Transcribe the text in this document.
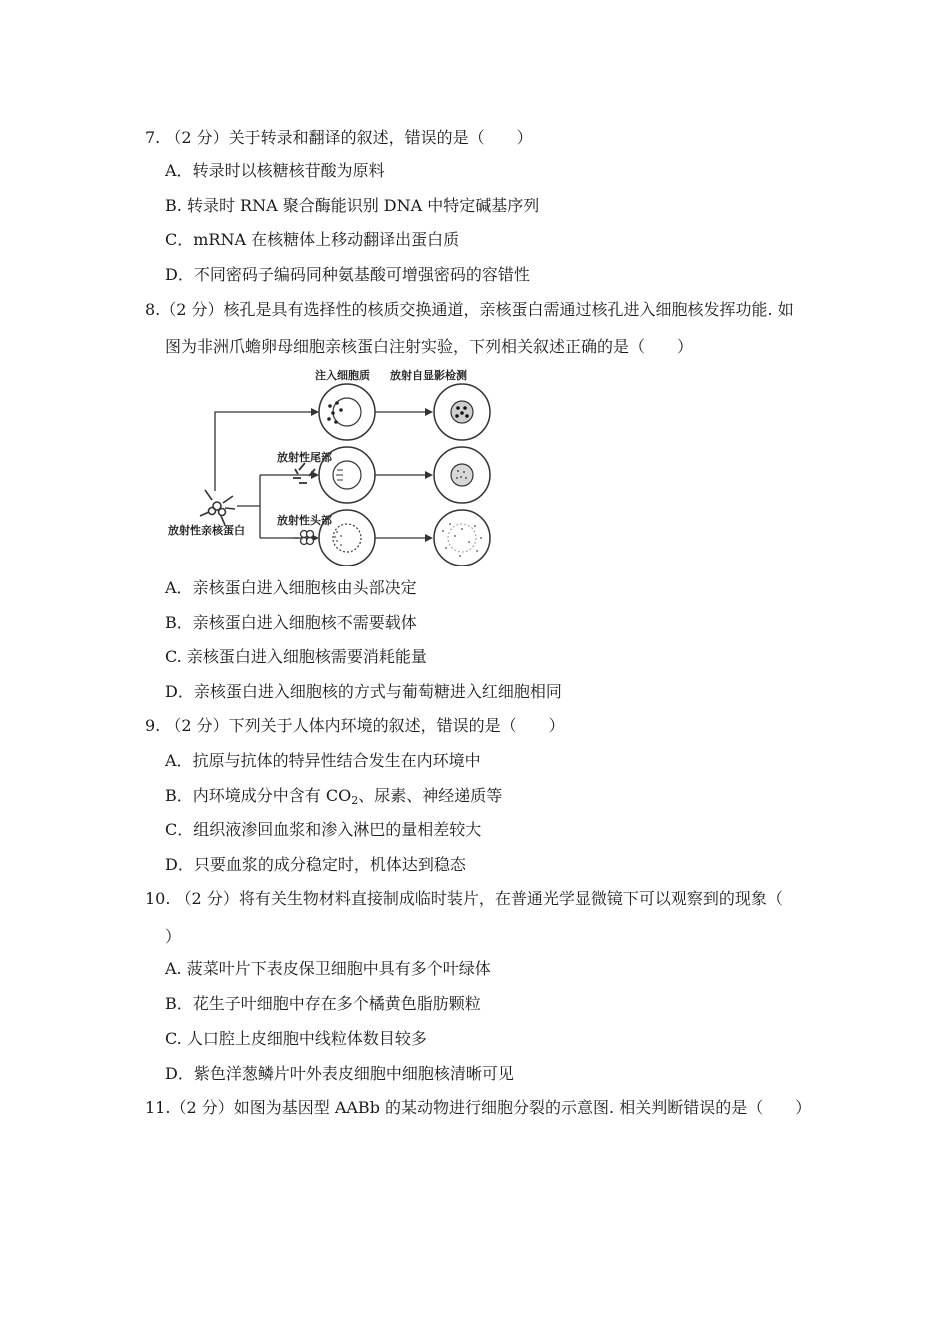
7. （2 分）关于转录和翻译的叙述，错误的是（　　）
A．转录时以核糖核苷酸为原料
B. 转录时 RNA 聚合酶能识别 DNA 中特定碱基序列
C．mRNA 在核糖体上移动翻译出蛋白质
D．不同密码子编码同种氨基酸可增强密码的容错性
8.（2 分）核孔是具有选择性的核质交换通道，亲核蛋白需通过核孔进入细胞核发挥功能. 如
图为非洲爪蟾卵母细胞亲核蛋白注射实验，下列相关叙述正确的是（　　）
注入细胞质 放射自显影检测
放射性尾部
放射性头部
放射性亲核蛋白
A．亲核蛋白进入细胞核由头部决定
B．亲核蛋白进入细胞核不需要载体
C. 亲核蛋白进入细胞核需要消耗能量
D．亲核蛋白进入细胞核的方式与葡萄糖进入红细胞相同
9. （2 分）下列关于人体内环境的叙述，错误的是（　　）
A．抗原与抗体的特异性结合发生在内环境中
B．内环境成分中含有 $CO_2$、尿素、神经递质等
C．组织液渗回血浆和渗入淋巴的量相差较大
D．只要血浆的成分稳定时，机体达到稳态
10. （2 分）将有关生物材料直接制成临时装片，在普通光学显微镜下可以观察到的现象（
）
A. 菠菜叶片下表皮保卫细胞中具有多个叶绿体
B．花生子叶细胞中存在多个橘黄色脂肪颗粒
C. 人口腔上皮细胞中线粒体数目较多
D．紫色洋葱鳞片叶外表皮细胞中细胞核清晰可见
11.（2 分）如图为基因型 AABb 的某动物进行细胞分裂的示意图. 相关判断错误的是（　　）
